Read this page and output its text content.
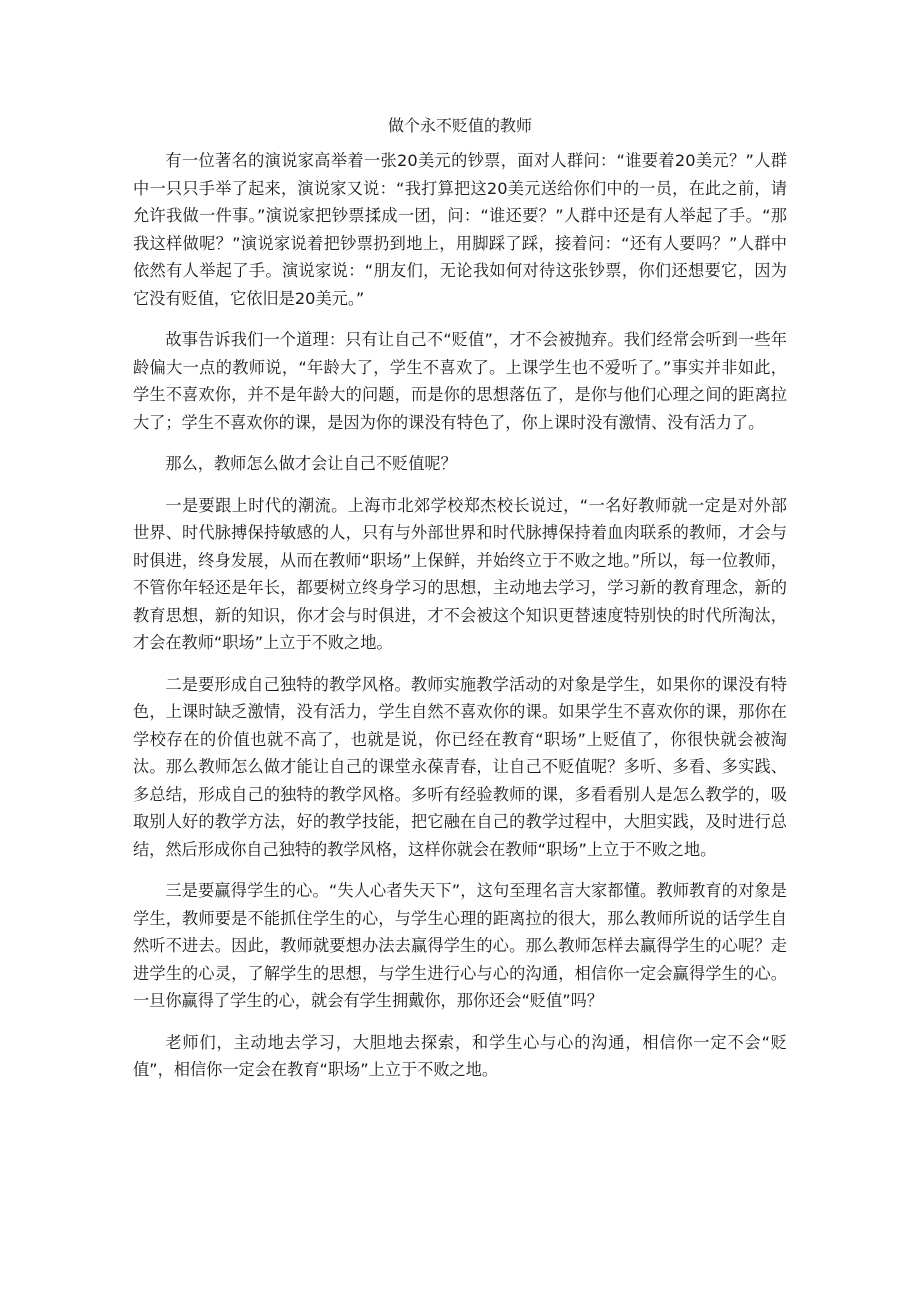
做个永不贬值的教师

有一位著名的演说家高举着一张20美元的钞票，面对人群问：“谁要着20美元？”人群中一只只手举了起来，演说家又说：“我打算把这20美元送给你们中的一员，在此之前，请允许我做一件事。”演说家把钞票揉成一团，问：“谁还要？”人群中还是有人举起了手。“那我这样做呢？”演说家说着把钞票扔到地上，用脚踩了踩，接着问：“还有人要吗？”人群中依然有人举起了手。演说家说：“朋友们，无论我如何对待这张钞票，你们还想要它，因为它没有贬值，它依旧是20美元。”

故事告诉我们一个道理：只有让自己不“贬值”，才不会被抛弃。我们经常会听到一些年龄偏大一点的教师说，“年龄大了，学生不喜欢了。上课学生也不爱听了。”事实并非如此，学生不喜欢你，并不是年龄大的问题，而是你的思想落伍了，是你与他们心理之间的距离拉大了；学生不喜欢你的课，是因为你的课没有特色了，你上课时没有激情、没有活力了。

那么，教师怎么做才会让自己不贬值呢？

一是要跟上时代的潮流。上海市北郊学校郑杰校长说过，“一名好教师就一定是对外部世界、时代脉搏保持敏感的人，只有与外部世界和时代脉搏保持着血肉联系的教师，才会与时俱进，终身发展，从而在教师“职场”上保鲜，并始终立于不败之地。”所以，每一位教师，不管你年轻还是年长，都要树立终身学习的思想，主动地去学习，学习新的教育理念，新的教育思想，新的知识，你才会与时俱进，才不会被这个知识更替速度特别快的时代所淘汰，才会在教师“职场”上立于不败之地。

二是要形成自己独特的教学风格。教师实施教学活动的对象是学生，如果你的课没有特色，上课时缺乏激情，没有活力，学生自然不喜欢你的课。如果学生不喜欢你的课，那你在学校存在的价值也就不高了，也就是说，你已经在教育“职场”上贬值了，你很快就会被淘汰。那么教师怎么做才能让自己的课堂永葆青春，让自己不贬值呢？多听、多看、多实践、多总结，形成自己的独特的教学风格。多听有经验教师的课，多看看别人是怎么教学的，吸取别人好的教学方法，好的教学技能，把它融在自己的教学过程中，大胆实践，及时进行总结，然后形成你自己独特的教学风格，这样你就会在教师“职场”上立于不败之地。

三是要赢得学生的心。“失人心者失天下”，这句至理名言大家都懂。教师教育的对象是学生，教师要是不能抓住学生的心，与学生心理的距离拉的很大，那么教师所说的话学生自然听不进去。因此，教师就要想办法去赢得学生的心。那么教师怎样去赢得学生的心呢？走进学生的心灵，了解学生的思想，与学生进行心与心的沟通，相信你一定会赢得学生的心。一旦你赢得了学生的心，就会有学生拥戴你，那你还会“贬值”吗？

老师们，主动地去学习，大胆地去探索，和学生心与心的沟通，相信你一定不会“贬值”，相信你一定会在教育“职场”上立于不败之地。
